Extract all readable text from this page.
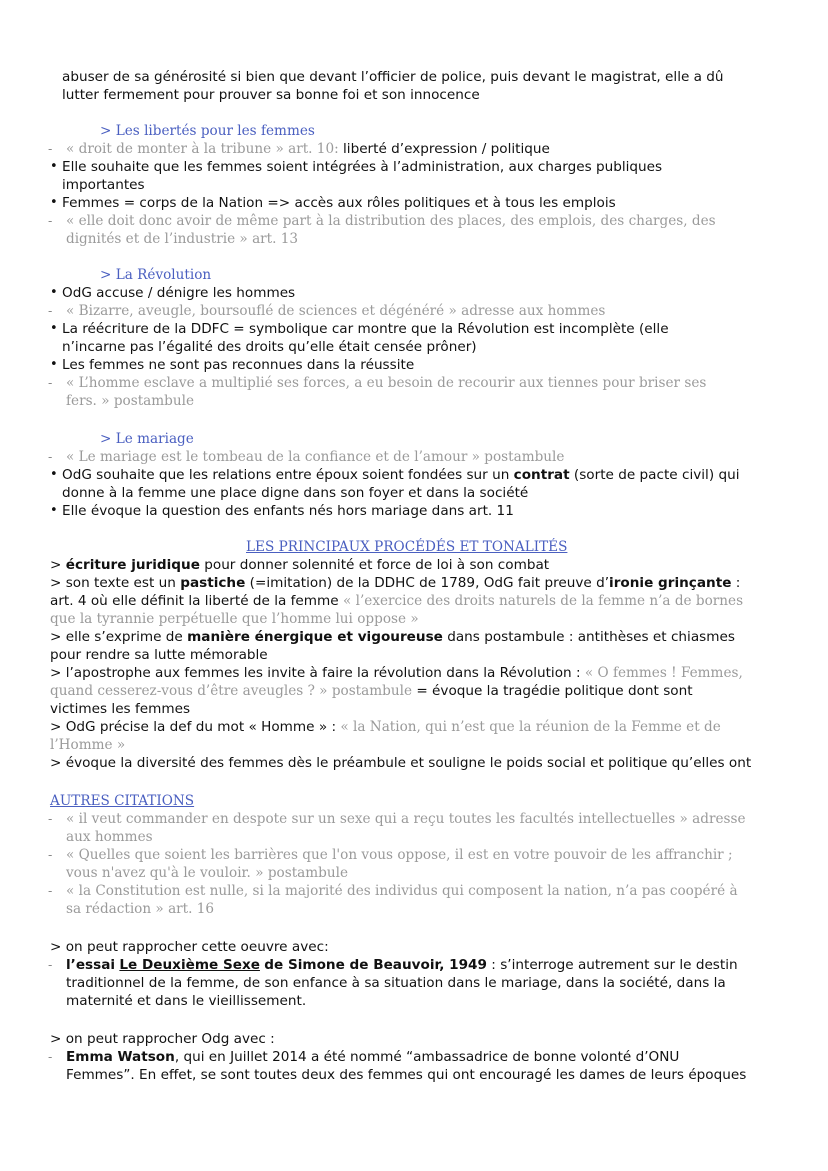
abuser de sa générosité si bien que devant l’officier de police, puis devant le magistrat, elle a dû
lutter fermement pour prouver sa bonne foi et son innocence
> Les libertés pour les femmes
-	« droit de monter à la tribune » art. 10: liberté d’expression / politique
• Elle souhaite que les femmes soient intégrées à l’administration, aux charges publiques
importantes
• Femmes = corps de la Nation => accès aux rôles politiques et à tous les emplois
-	« elle doit donc avoir de même part à la distribution des places, des emplois, des charges, des
dignités et de l’industrie » art. 13
> La Révolution
• OdG accuse / dénigre les hommes
-	« Bizarre, aveugle, boursouflé de sciences et dégénéré » adresse aux hommes
• La réécriture de la DDFC = symbolique car montre que la Révolution est incomplète (elle
n’incarne pas l’égalité des droits qu’elle était censée prôner)
• Les femmes ne sont pas reconnues dans la réussite
-	« L’homme esclave a multiplié ses forces, a eu besoin de recourir aux tiennes pour briser ses
fers. » postambule
> Le mariage
-	« Le mariage est le tombeau de la confiance et de l’amour » postambule
• OdG souhaite que les relations entre époux soient fondées sur un contrat (sorte de pacte civil) qui
donne à la femme une place digne dans son foyer et dans la société
• Elle évoque la question des enfants nés hors mariage dans art. 11
LES PRINCIPAUX PROCÉDÉS ET TONALITÉS
> écriture juridique pour donner solennité et force de loi à son combat
> son texte est un pastiche (=imitation) de la DDHC de 1789, OdG fait preuve d’ironie grinçante :
art. 4 où elle définit la liberté de la femme « l’exercice des droits naturels de la femme n’a de bornes
que la tyrannie perpétuelle que l’homme lui oppose »
> elle s’exprime de manière énergique et vigoureuse dans postambule : antithèses et chiasmes
pour rendre sa lutte mémorable
> l’apostrophe aux femmes les invite à faire la révolution dans la Révolution : « O femmes ! Femmes,
quand cesserez-vous d’être aveugles ? » postambule = évoque la tragédie politique dont sont
victimes les femmes
> OdG précise la def du mot « Homme » : « la Nation, qui n’est que la réunion de la Femme et de
l’Homme »
> évoque la diversité des femmes dès le préambule et souligne le poids social et politique qu’elles ont
AUTRES CITATIONS
-	« il veut commander en despote sur un sexe qui a reçu toutes les facultés intellectuelles » adresse
aux hommes
-	« Quelles que soient les barrières que l'on vous oppose, il est en votre pouvoir de les affranchir ;
vous n'avez qu'à le vouloir. » postambule
-	« la Constitution est nulle, si la majorité des individus qui composent la nation, n’a pas coopéré à
sa rédaction » art. 16
> on peut rapprocher cette oeuvre avec:
-	l’essai Le Deuxième Sexe de Simone de Beauvoir, 1949 : s’interroge autrement sur le destin
traditionnel de la femme, de son enfance à sa situation dans le mariage, dans la société, dans la
maternité et dans le vieillissement.
> on peut rapprocher Odg avec :
-	Emma Watson, qui en Juillet 2014 a été nommé “ambassadrice de bonne volonté d’ONU
Femmes”. En effet, se sont toutes deux des femmes qui ont encouragé les dames de leurs époques
